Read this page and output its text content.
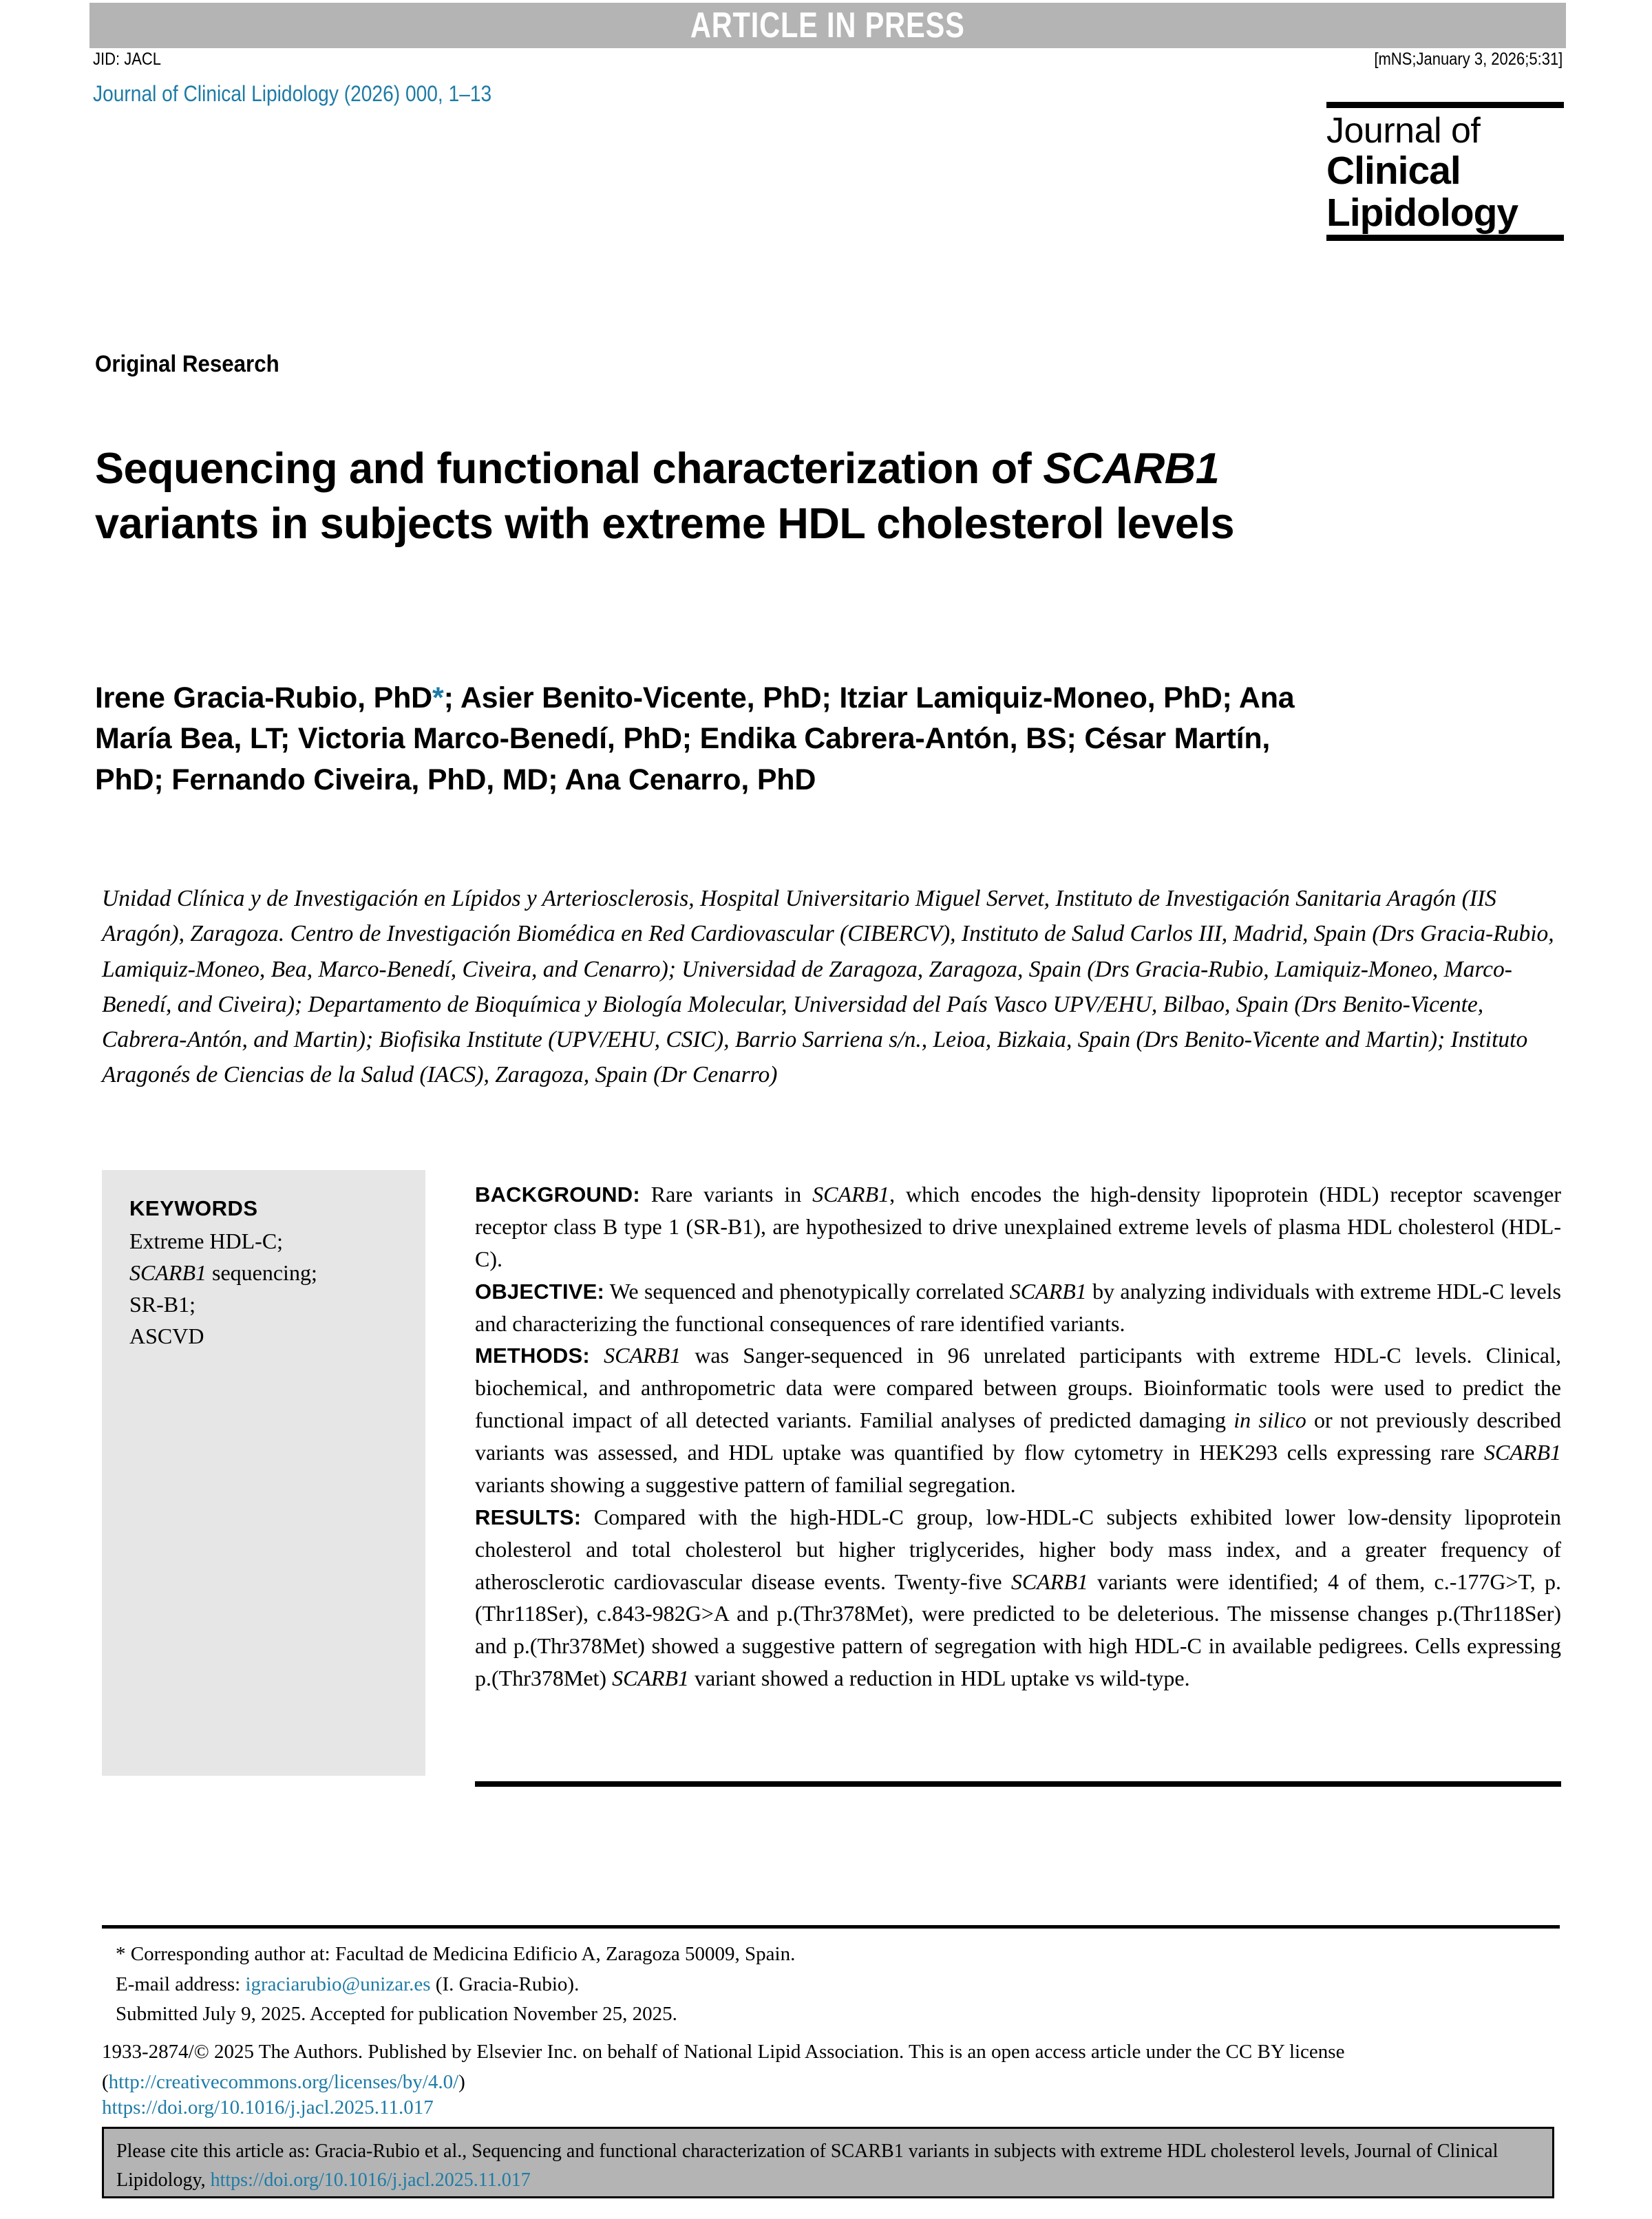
ARTICLE IN PRESS
JID: JACL	[mNS;January 3, 2026;5:31]
Journal of Clinical Lipidology (2026) 000, 1–13
Journal of
Clinical
Lipidology
Original Research
Sequencing and functional characterization of SCARB1 variants in subjects with extreme HDL cholesterol levels
Irene Gracia-Rubio, PhD*; Asier Benito-Vicente, PhD; Itziar Lamiquiz-Moneo, PhD; Ana María Bea, LT; Victoria Marco-Benedí, PhD; Endika Cabrera-Antón, BS; César Martín, PhD; Fernando Civeira, PhD, MD; Ana Cenarro, PhD
Unidad Clínica y de Investigación en Lípidos y Arteriosclerosis, Hospital Universitario Miguel Servet, Instituto de Investigación Sanitaria Aragón (IIS Aragón), Zaragoza. Centro de Investigación Biomédica en Red Cardiovascular (CIBERCV), Instituto de Salud Carlos III, Madrid, Spain (Drs Gracia-Rubio, Lamiquiz-Moneo, Bea, Marco-Benedí, Civeira, and Cenarro); Universidad de Zaragoza, Zaragoza, Spain (Drs Gracia-Rubio, Lamiquiz-Moneo, Marco-Benedí, and Civeira); Departamento de Bioquímica y Biología Molecular, Universidad del País Vasco UPV/EHU, Bilbao, Spain (Drs Benito-Vicente, Cabrera-Antón, and Martin); Biofisika Institute (UPV/EHU, CSIC), Barrio Sarriena s/n., Leioa, Bizkaia, Spain (Drs Benito-Vicente and Martin); Instituto Aragonés de Ciencias de la Salud (IACS), Zaragoza, Spain (Dr Cenarro)
KEYWORDS
Extreme HDL-C;
SCARB1 sequencing;
SR-B1;
ASCVD

BACKGROUND: Rare variants in SCARB1, which encodes the high-density lipoprotein (HDL) receptor scavenger receptor class B type 1 (SR-B1), are hypothesized to drive unexplained extreme levels of plasma HDL cholesterol (HDL-C).

OBJECTIVE: We sequenced and phenotypically correlated SCARB1 by analyzing individuals with extreme HDL-C levels and characterizing the functional consequences of rare identified variants.

METHODS: SCARB1 was Sanger-sequenced in 96 unrelated participants with extreme HDL-C levels. Clinical, biochemical, and anthropometric data were compared between groups. Bioinformatic tools were used to predict the functional impact of all detected variants. Familial analyses of predicted damaging in silico or not previously described variants was assessed, and HDL uptake was quantified by flow cytometry in HEK293 cells expressing rare SCARB1 variants showing a suggestive pattern of familial segregation.

RESULTS: Compared with the high-HDL-C group, low-HDL-C subjects exhibited lower low-density lipoprotein cholesterol and total cholesterol but higher triglycerides, higher body mass index, and a greater frequency of atherosclerotic cardiovascular disease events. Twenty-five SCARB1 variants were identified; 4 of them, c.-177G>T, p.(Thr118Ser), c.843-982G>A and p.(Thr378Met), were predicted to be deleterious. The missense changes p.(Thr118Ser) and p.(Thr378Met) showed a suggestive pattern of segregation with high HDL-C in available pedigrees. Cells expressing p.(Thr378Met) SCARB1 variant showed a reduction in HDL uptake vs wild-type.

* Corresponding author at: Facultad de Medicina Edificio A, Zaragoza 50009, Spain.
E-mail address: igraciarubio@unizar.es (I. Gracia-Rubio).
Submitted July 9, 2025. Accepted for publication November 25, 2025.
1933-2874/© 2025 The Authors. Published by Elsevier Inc. on behalf of National Lipid Association. This is an open access article under the CC BY license (http://creativecommons.org/licenses/by/4.0/)
https://doi.org/10.1016/j.jacl.2025.11.017
Please cite this article as: Gracia-Rubio et al., Sequencing and functional characterization of SCARB1 variants in subjects with extreme HDL cholesterol levels, Journal of Clinical Lipidology, https://doi.org/10.1016/j.jacl.2025.11.017
